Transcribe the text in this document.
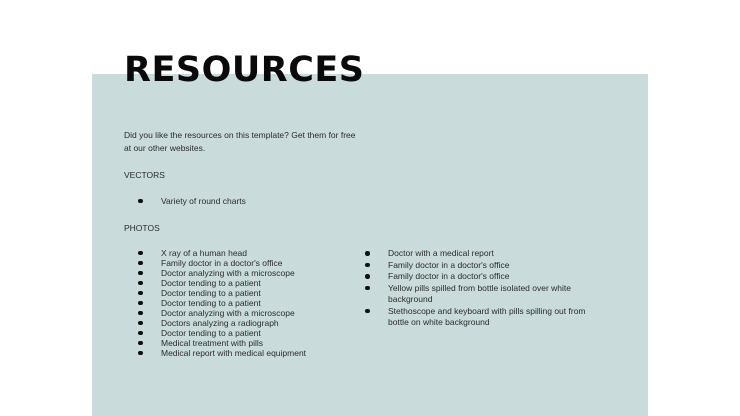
RESOURCES

Did you like the resources on this template? Get them for free at our other websites.

VECTORS

Variety of round charts

PHOTOS

X ray of a human head
Family doctor in a doctor's office
Doctor analyzing with a microscope
Doctor tending to a patient
Doctor tending to a patient
Doctor tending to a patient
Doctor analyzing with a microscope
Doctors analyzing a radiograph
Doctor tending to a patient
Medical treatment with pills
Medical report with medical equipment
Doctor with a medical report
Family doctor in a doctor's office
Family doctor in a doctor's office
Yellow pills spilled from bottle isolated over white background
Stethoscope and keyboard with pills spilling out from bottle on white background
